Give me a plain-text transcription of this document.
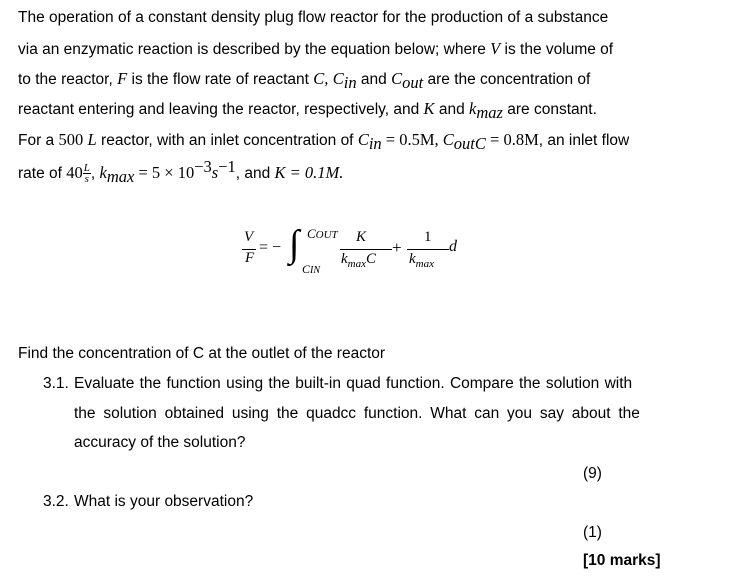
The operation of a constant density plug flow reactor for the production of a substance
via an enzymatic reaction is described by the equation below; where V is the volume of
to the reactor, F is the flow rate of reactant C, $C_{in}$ and $C_{out}$ are the concentration of
reactant entering and leaving the reactor, respectively, and K and $k_{maz}$ are constant.
For a 500 L reactor, with an inlet concentration of $C_{in} = 0.5M$, $C_{outC} = 0.8M$, an inlet flow
rate of $40 \frac{L}{s}$ , $k_{max} = 5 \times 10^{-3}s^{-1}$, and K = 0.1M.
V
F
= − ∫ COUT
CIN
K
$k_{max}C$
+
1
$k_{max}$
d
Find the concentration of C at the outlet of the reactor
3.1. Evaluate the function using the built-in quad function. Compare the solution with
the solution obtained using the quadcc function. What can you say about the
accuracy of the solution?
(9)
3.2. What is your observation?
(1)
[10 marks]
